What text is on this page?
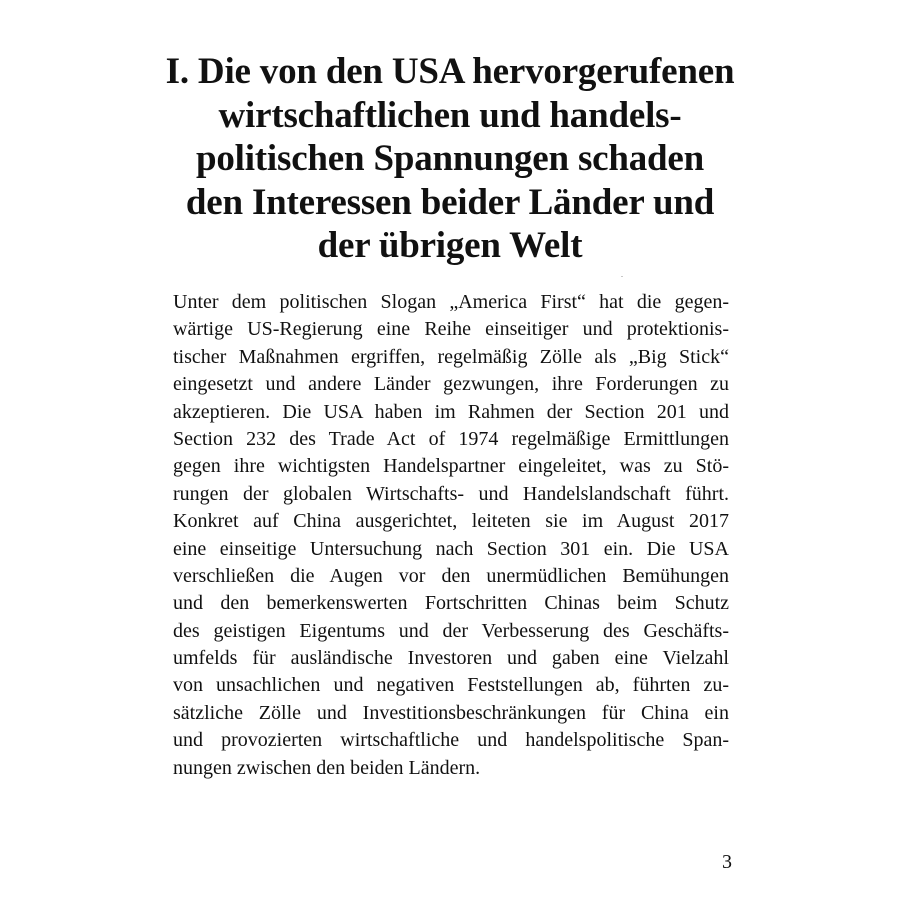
I. Die von den USA hervorgerufenen
wirtschaftlichen und handels-
politischen Spannungen schaden
den Interessen beider Länder und
der übrigen Welt
Unter dem politischen Slogan „America First“ hat die gegen-
wärtige US-Regierung eine Reihe einseitiger und protektionis-
tischer Maßnahmen ergriffen, regelmäßig Zölle als „Big Stick“
eingesetzt und andere Länder gezwungen, ihre Forderungen zu
akzeptieren. Die USA haben im Rahmen der Section 201 und
Section 232 des Trade Act of 1974 regelmäßige Ermittlungen
gegen ihre wichtigsten Handelspartner eingeleitet, was zu Stö-
rungen der globalen Wirtschafts- und Handelslandschaft führt.
Konkret auf China ausgerichtet, leiteten sie im August 2017
eine einseitige Untersuchung nach Section 301 ein. Die USA
verschließen die Augen vor den unermüdlichen Bemühungen
und den bemerkenswerten Fortschritten Chinas beim Schutz
des geistigen Eigentums und der Verbesserung des Geschäfts-
umfelds für ausländische Investoren und gaben eine Vielzahl
von unsachlichen und negativen Feststellungen ab, führten zu-
sätzliche Zölle und Investitionsbeschränkungen für China ein
und provozierten wirtschaftliche und handelspolitische Span-
nungen zwischen den beiden Ländern.
3
